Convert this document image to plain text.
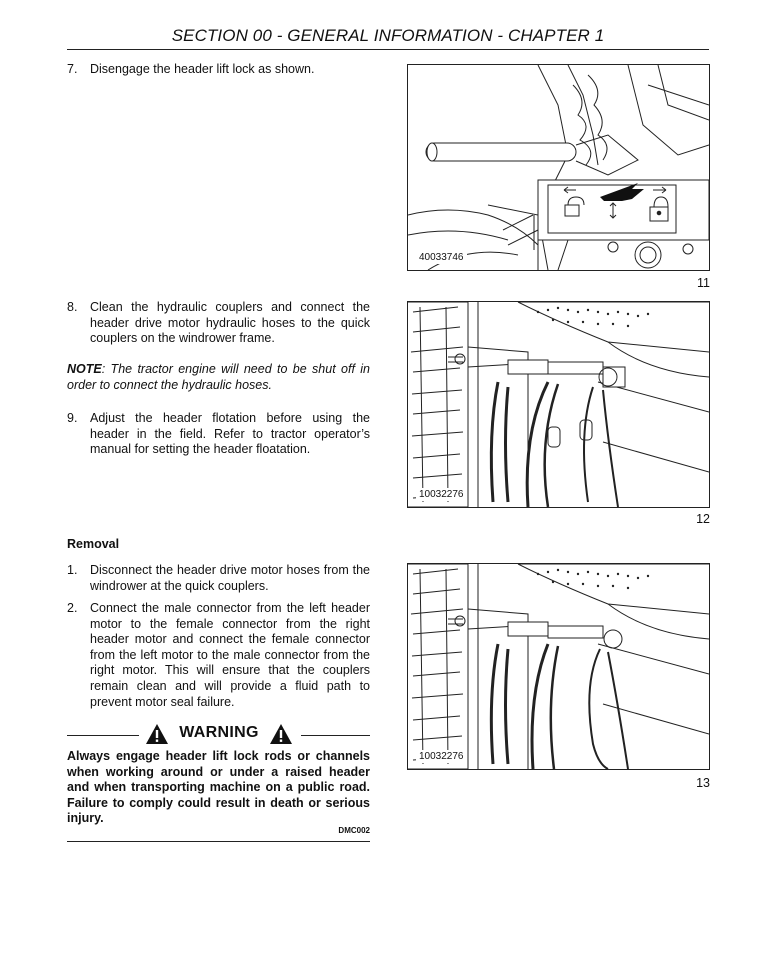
SECTION 00 - GENERAL INFORMATION - CHAPTER 1
7. Disengage the header lift lock as shown.
8. Clean the hydraulic couplers and connect the header drive motor hydraulic hoses to the quick couplers on the windrower frame.
NOTE: The tractor engine will need to be shut off in order to connect the hydraulic hoses.
9. Adjust the header flotation before using the header in the field. Refer to tractor operator’s manual for setting the header floatation.
Removal
1. Disconnect the header drive motor hoses from the windrower at the quick couplers.
2. Connect the male connector from the left header motor to the female connector from the right header motor and connect the female connector from the left motor to the male connector from the right motor. This will ensure that the couplers remain clean and will provide a fluid path to prevent motor seal failure.
WARNING
Always engage header lift lock rods or channels when working around or under a raised header and when transporting machine on a public road. Failure to comply could result in death or serious injury.
DMC002
40033746
11
10032276
12
10032276
13
